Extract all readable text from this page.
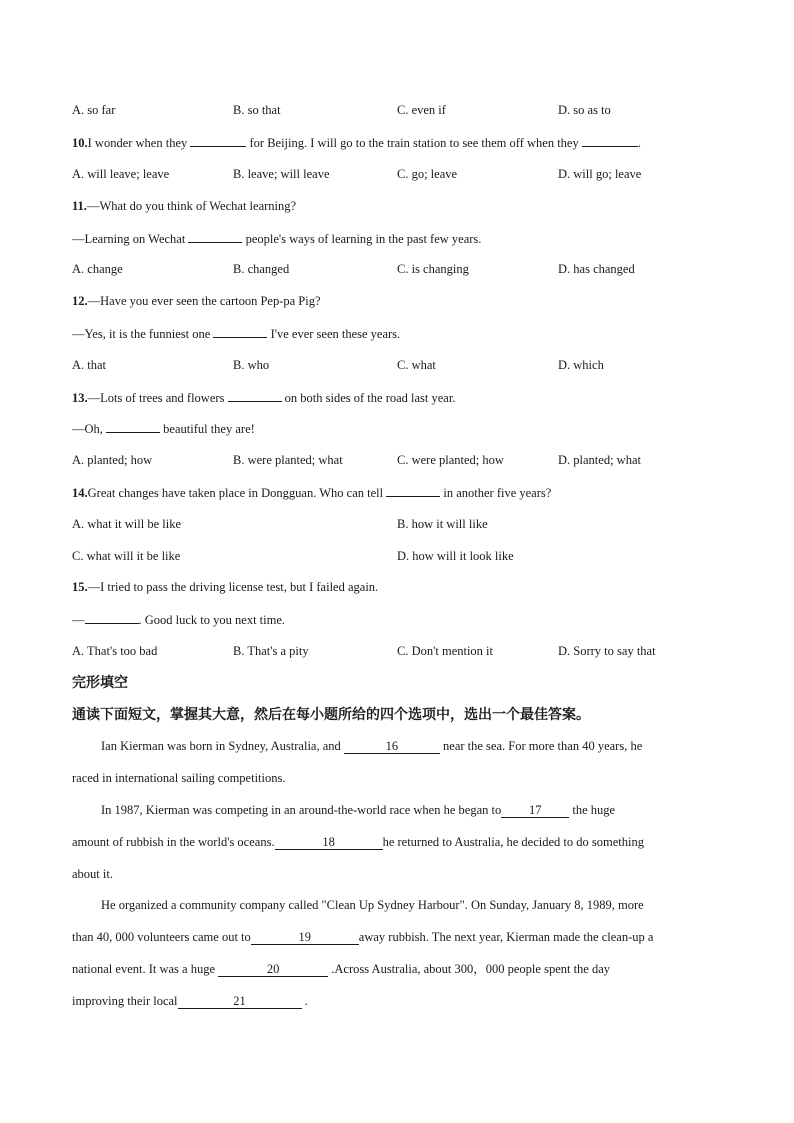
A. so far	B. so that	C. even if	D. so as to
10.I wonder when they	for Beijing. I will go to the train station to see them off when they	.
A. will leave; leave	B. leave; will leave	C. go; leave	D. will go; leave
11.—What do you think of Wechat learning?
—Learning on Wechat	people's ways of learning in the past few years.
A. change	B. changed	C. is changing	D. has changed
12.—Have you ever seen the cartoon Pep-pa Pig?
—Yes, it is the funniest one	I've ever seen these years.
A. that	B. who	C. what	D. which
13.—Lots of trees and flowers	on both sides of the road last year.
—Oh,	beautiful they are!
A. planted; how	B. were planted; what	C. were planted; how	D. planted; what
14.Great changes have taken place in Dongguan. Who can tell	in another five years?
A. what it will be like	B. how it will like
C. what will it be like	D. how will it look like
15.—I tried to pass the driving license test, but I failed again.
—	. Good luck to you next time.
A. That's too bad	B. That's a pity	C. Don't mention it	D. Sorry to say that
完形填空
通读下面短文，掌握其大意，然后在每小题所给的四个选项中，选出一个最佳答案。
Ian Kierman was born in Sydney, Australia, and	16	near the sea. For more than 40 years, he
raced in international sailing competitions.
In 1987, Kierman was competing in an around-the-world race when he began to 17 the huge
amount of rubbish in the world's oceans.	18	he returned to Australia, he decided to do something
about it.
He organized a community company called "Clean Up Sydney Harbour". On Sunday, January 8, 1989, more
than 40, 000 volunteers came out to	19	away rubbish. The next year, Kierman made the clean-up a
national event. It was a huge	20	.Across Australia, about 300，000 people spent the day
improving their local	21	.
